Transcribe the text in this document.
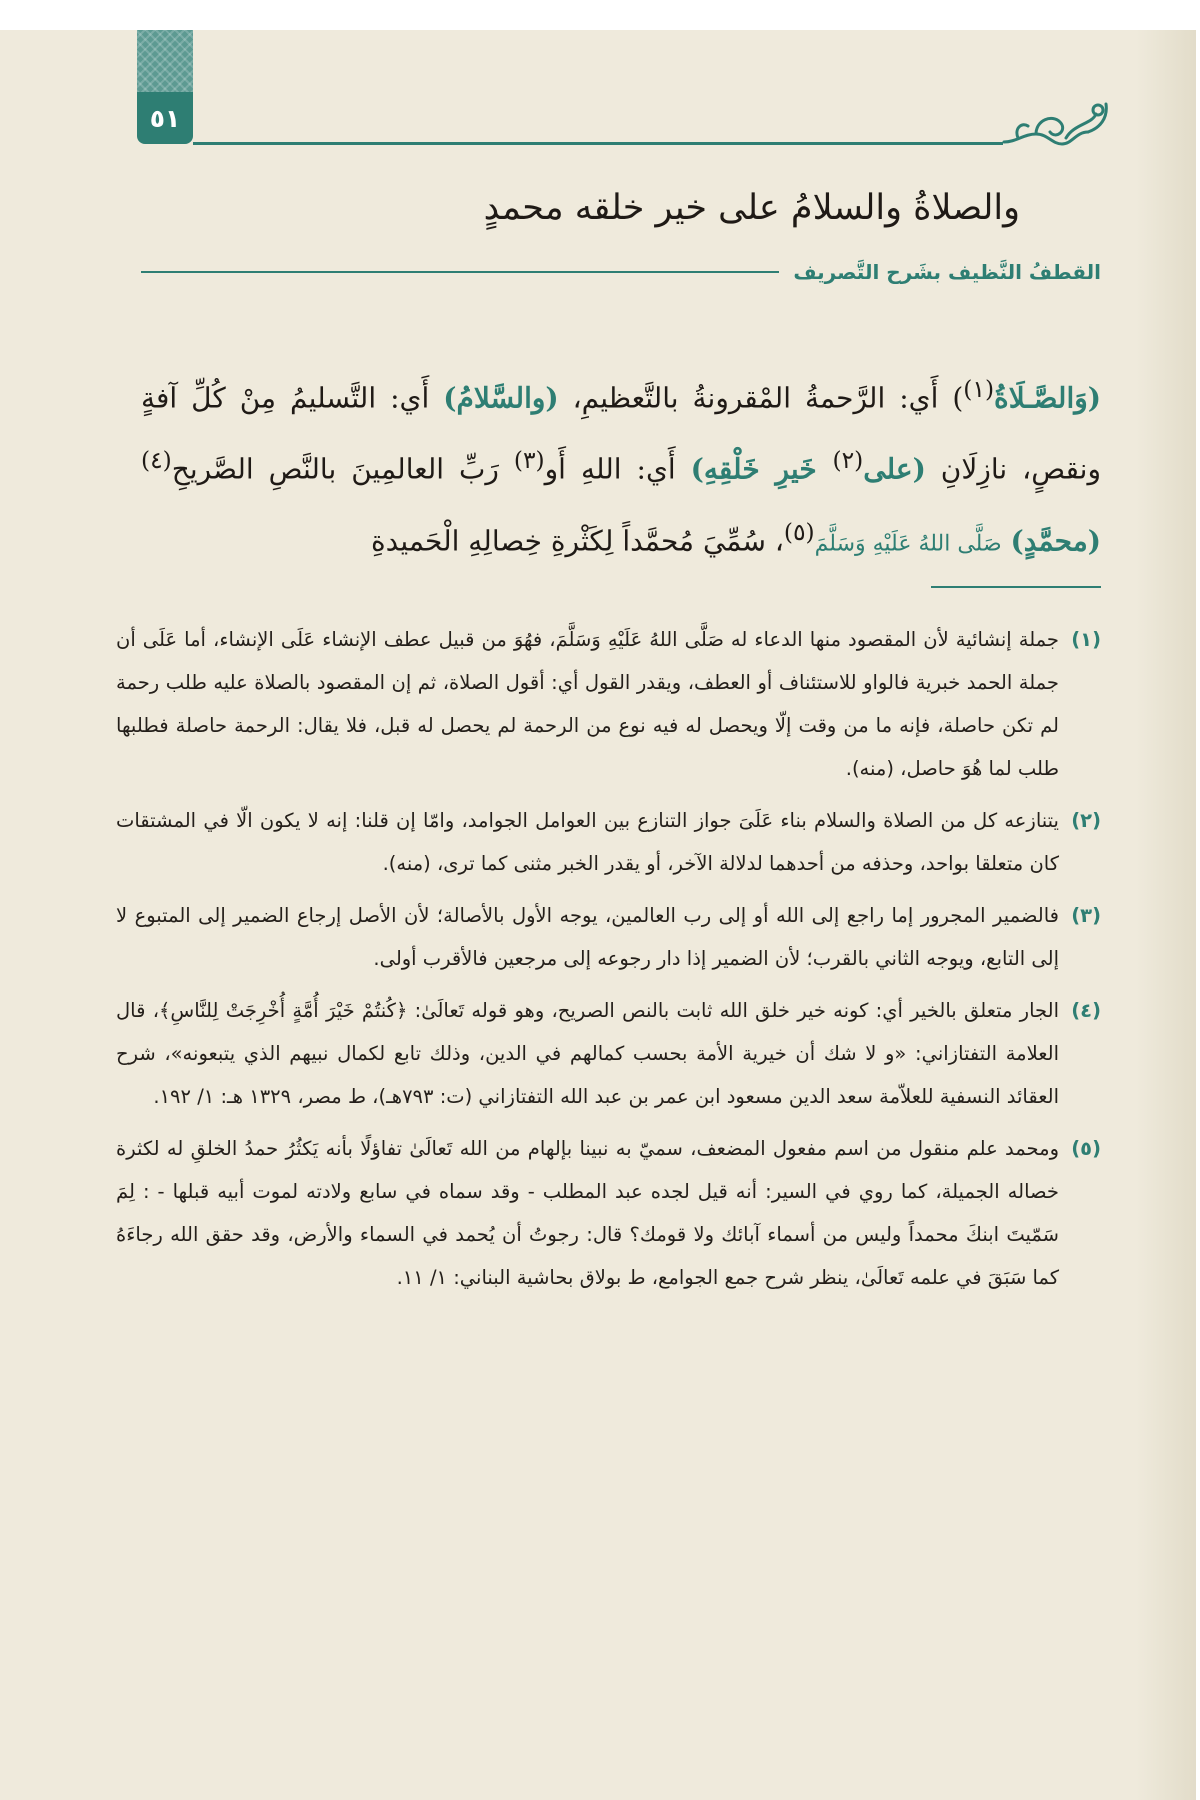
٥١
والصلاةُ والسلامُ على خير خلقه محمدٍ
القطفُ النَّظيف بشَرح التَّصريف

(وَالصَّـلَاةُ$^{(١)}$) أَي: الرَّحمةُ المْقرونةُ بالتَّعظيمِ، (والسَّلامُ) أَي: التَّسليمُ مِنْ كُلِّ آفةٍ ونقصٍ، نازِلَانِ (على$^{(٢)}$ خَيرِ خَلْقِهِ) أَي: اللهِ أَو$^{(٣)}$ رَبِّ العالمِينَ بالنَّصِ الصَّريحِ$^{(٤)}$ (محمَّدٍ) صَلَّى اللهُ عَلَيْهِ وَسَلَّمَ$^{(٥)}$، سُمِّيَ مُحمَّداً لِكَثْرةِ خِصالِهِ الْحَميدةِ

(١)
جملة إنشائية لأن المقصود منها الدعاء له صَلَّى اللهُ عَلَيْهِ وَسَلَّمَ، فهُوَ من قبيل عطف الإنشاء عَلَى الإنشاء، أما عَلَى أن جملة الحمد خبرية فالواو للاستئناف أو العطف، ويقدر القول أي: أقول الصلاة، ثم إن المقصود بالصلاة عليه طلب رحمة لم تكن حاصلة، فإنه ما من وقت إلّا ويحصل له فيه نوع من الرحمة لم يحصل له قبل، فلا يقال: الرحمة حاصلة فطلبها طلب لما هُوَ حاصل، (منه).
(٢)
يتنازعه كل من الصلاة والسلام بناء عَلَىَ جواز التنازع بين العوامل الجوامد، وامّا إن قلنا: إنه لا يكون الّا في المشتقات كان متعلقا بواحد، وحذفه من أحدهما لدلالة الآخر، أو يقدر الخبر مثنى كما ترى، (منه).
(٣)
فالضمير المجرور إما راجع إلى الله أو إلى رب العالمين، يوجه الأول بالأصالة؛ لأن الأصل إرجاع الضمير إلى المتبوع لا إلى التابع، ويوجه الثاني بالقرب؛ لأن الضمير إذا دار رجوعه إلى مرجعين فالأقرب أولى.
(٤)
الجار متعلق بالخير أي: كونه خير خلق الله ثابت بالنص الصريح، وهو قوله تَعالَىٰ: ﴿كُنتُمْ خَيْرَ أُمَّةٍ أُخْرِجَتْ لِلنَّاسِ﴾، قال العلامة التفتازاني: «و لا شك أن خيرية الأمة بحسب كمالهم في الدين، وذلك تابع لكمال نبيهم الذي يتبعونه»، شرح العقائد النسفية للعلاّمة سعد الدين مسعود ابن عمر بن عبد الله التفتازاني (ت: ٧٩٣هـ)، ط مصر، ١٣٢٩ هـ: ١/ ١٩٢.
(٥)
ومحمد علم منقول من اسم مفعول المضعف، سميّ به نبينا بإلهام من الله تَعالَىٰ تفاؤلًا بأنه يَكثُرُ حمدُ الخلقِ له لكثرة خصاله الجميلة، كما روي في السير: أنه قيل لجده عبد المطلب - وقد سماه في سابع ولادته لموت أبيه قبلها - : لِمَ سَمّيتَ ابنكَ محمداً وليس من أسماء آبائك ولا قومك؟ قال: رجوتُ أن يُحمد في السماء والأرض، وقد حقق الله رجاءَهُ كما سَبَقَ في علمه تَعالَىٰ، ينظر شرح جمع الجوامع، ط بولاق بحاشية البناني: ١/ ١١.
